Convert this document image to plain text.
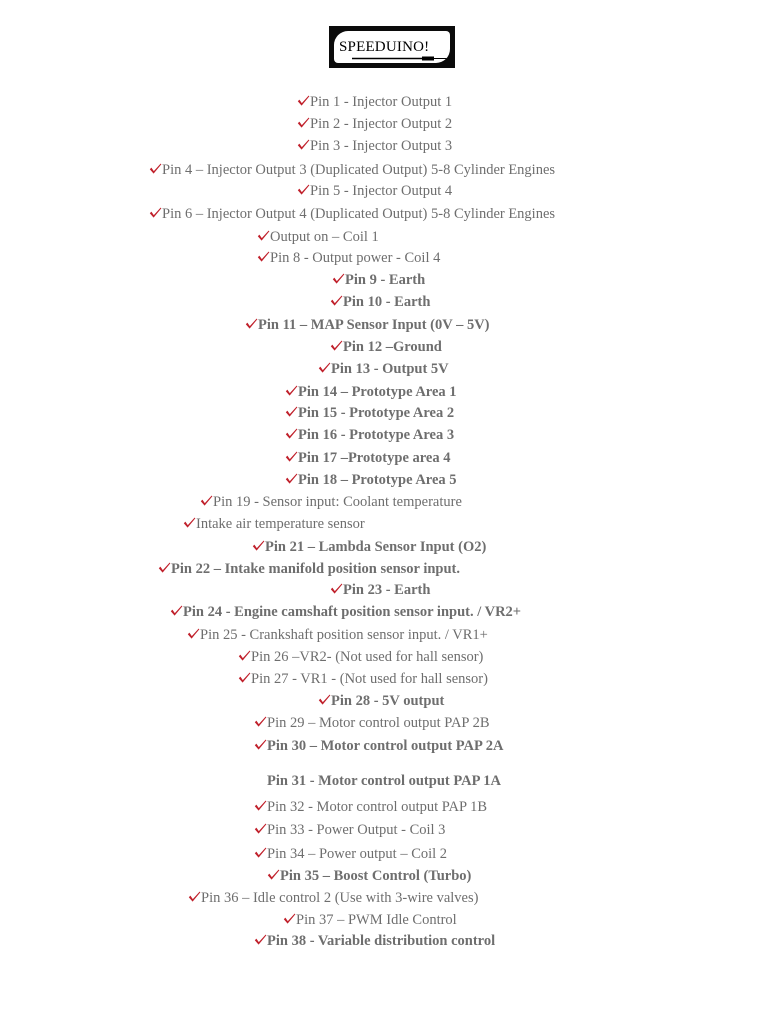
SPEEDUINO!
Pin 1 - Injector Output 1
Pin 2 - Injector Output 2
Pin 3 - Injector Output 3
Pin 4 – Injector Output 3 (Duplicated Output) 5-8 Cylinder Engines
Pin 5 - Injector Output 4
Pin 6 – Injector Output 4 (Duplicated Output) 5-8 Cylinder Engines
Output on – Coil 1
Pin 8 - Output power - Coil 4
Pin 9 - Earth
Pin 10 - Earth
Pin 11 – MAP Sensor Input (0V – 5V)
Pin 12 –Ground
Pin 13 - Output 5V
Pin 14 – Prototype Area 1
Pin 15 - Prototype Area 2
Pin 16 - Prototype Area 3
Pin 17 –Prototype area 4
Pin 18 – Prototype Area 5
Pin 19 - Sensor input: Coolant temperature
Intake air temperature sensor
Pin 21 – Lambda Sensor Input (O2)
Pin 22 – Intake manifold position sensor input.
Pin 23 - Earth
Pin 24 - Engine camshaft position sensor input. / VR2+
Pin 25 - Crankshaft position sensor input. / VR1+
Pin 26 –VR2- (Not used for hall sensor)
Pin 27 - VR1 - (Not used for hall sensor)
Pin 28 - 5V output
Pin 29 – Motor control output PAP 2B
Pin 30 – Motor control output PAP 2A
Pin 31 - Motor control output PAP 1A
Pin 32 - Motor control output PAP 1B
Pin 33 - Power Output - Coil 3
Pin 34 – Power output – Coil 2
Pin 35 – Boost Control (Turbo)
Pin 36 – Idle control 2 (Use with 3-wire valves)
Pin 37 – PWM Idle Control
Pin 38 - Variable distribution control
